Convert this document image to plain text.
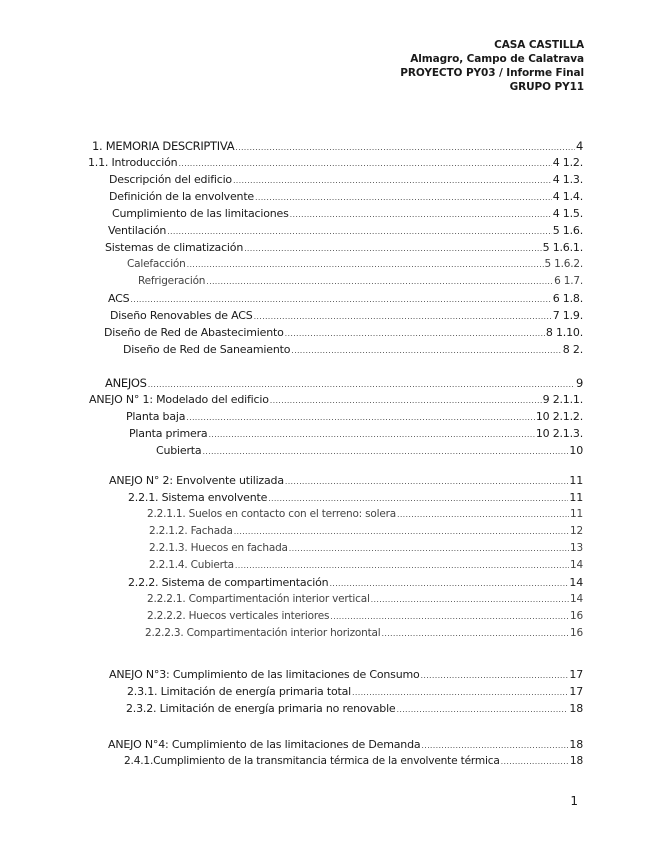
CASA CASTILLA
Almagro, Campo de Calatrava
PROYECTO PY03 / Informe Final
GRUPO PY11
1. MEMORIA DESCRIPTIVA .....	4
1.1. Introducción .....	4 1.2.
Descripción del edificio .....	4 1.3.
Definición de la envolvente .....	4 1.4.
Cumplimiento de las limitaciones .....	4 1.5.
Ventilación .....	5 1.6.
Sistemas de climatización .....	5 1.6.1.
Calefacción .....	5 1.6.2.
Refrigeración .....	6 1.7.
ACS .....	6 1.8.
Diseño Renovables de ACS .....	7 1.9.
Diseño de Red de Abastecimiento .....	8 1.10.
Diseño de Red de Saneamiento .....	8 2.
ANEJOS .....	9
ANEJO N° 1: Modelado del edificio .....	9 2.1.1.
Planta baja .....	10 2.1.2.
Planta primera .....	10 2.1.3.
Cubierta .....	10
ANEJO N° 2: Envolvente utilizada .....	11
2.2.1. Sistema envolvente .....	11
2.2.1.1. Suelos en contacto con el terreno: solera .....	11
2.2.1.2. Fachada .....	12
2.2.1.3. Huecos en fachada .....	13
2.2.1.4. Cubierta .....	14
2.2.2. Sistema de compartimentación .....	14
2.2.2.1. Compartimentación interior vertical .....	14
2.2.2.2. Huecos verticales interiores .....	16
2.2.2.3. Compartimentación interior horizontal .....	16
ANEJO N°3: Cumplimiento de las limitaciones de Consumo .....	17
2.3.1. Limitación de energía primaria total .....	17
2.3.2. Limitación de energía primaria no renovable .....	18
ANEJO N°4: Cumplimiento de las limitaciones de Demanda .....	18
2.4.1.Cumplimiento de la transmitancia térmica de la envolvente térmica .....	18
1
